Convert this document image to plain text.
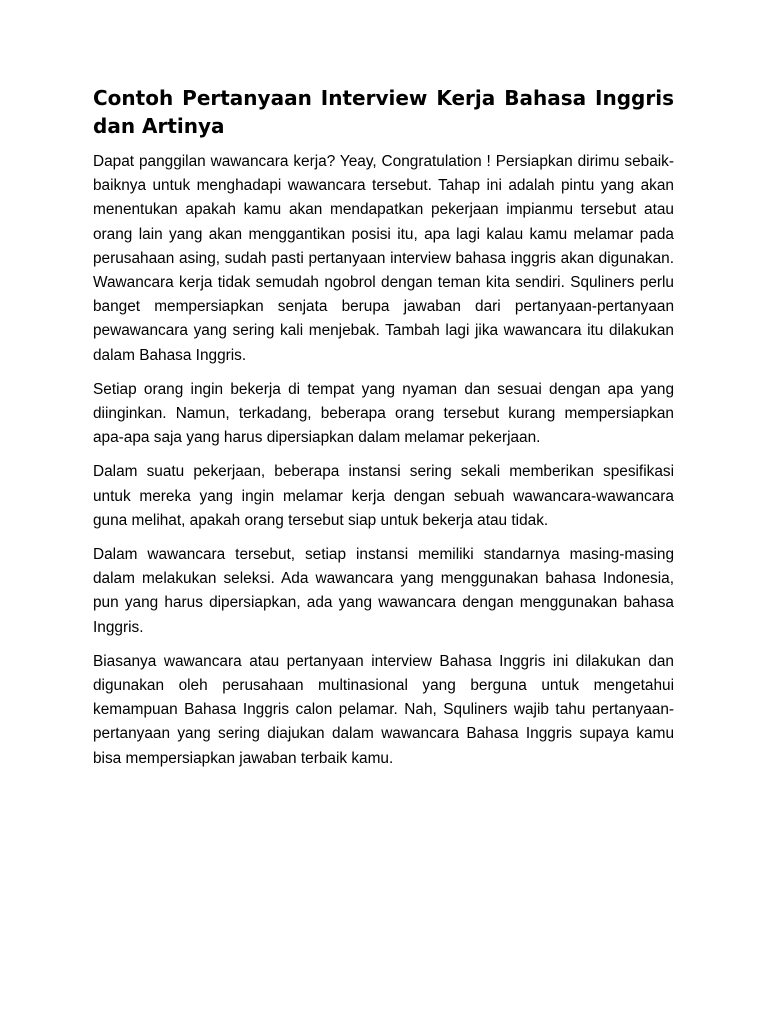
Contoh Pertanyaan Interview Kerja Bahasa Inggris dan Artinya

Dapat panggilan wawancara kerja? Yeay, Congratulation ! Persiapkan dirimu sebaik-baiknya untuk menghadapi wawancara tersebut. Tahap ini adalah pintu yang akan menentukan apakah kamu akan mendapatkan pekerjaan impianmu tersebut atau orang lain yang akan menggantikan posisi itu, apa lagi kalau kamu melamar pada perusahaan asing, sudah pasti pertanyaan interview bahasa inggris akan digunakan. Wawancara kerja tidak semudah ngobrol dengan teman kita sendiri. Squliners perlu banget mempersiapkan senjata berupa jawaban dari pertanyaan-pertanyaan pewawancara yang sering kali menjebak. Tambah lagi jika wawancara itu dilakukan dalam Bahasa Inggris.

Setiap orang ingin bekerja di tempat yang nyaman dan sesuai dengan apa yang diinginkan. Namun, terkadang, beberapa orang tersebut kurang mempersiapkan apa-apa saja yang harus dipersiapkan dalam melamar pekerjaan.

Dalam suatu pekerjaan, beberapa instansi sering sekali memberikan spesifikasi untuk mereka yang ingin melamar kerja dengan sebuah wawancara-wawancara guna melihat, apakah orang tersebut siap untuk bekerja atau tidak.

Dalam wawancara tersebut, setiap instansi memiliki standarnya masing-masing dalam melakukan seleksi. Ada wawancara yang menggunakan bahasa Indonesia, pun yang harus dipersiapkan, ada yang wawancara dengan menggunakan bahasa Inggris.

Biasanya wawancara atau pertanyaan interview Bahasa Inggris ini dilakukan dan digunakan oleh perusahaan multinasional yang berguna untuk mengetahui kemampuan Bahasa Inggris calon pelamar. Nah, Squliners wajib tahu pertanyaan-pertanyaan yang sering diajukan dalam wawancara Bahasa Inggris supaya kamu bisa mempersiapkan jawaban terbaik kamu.
